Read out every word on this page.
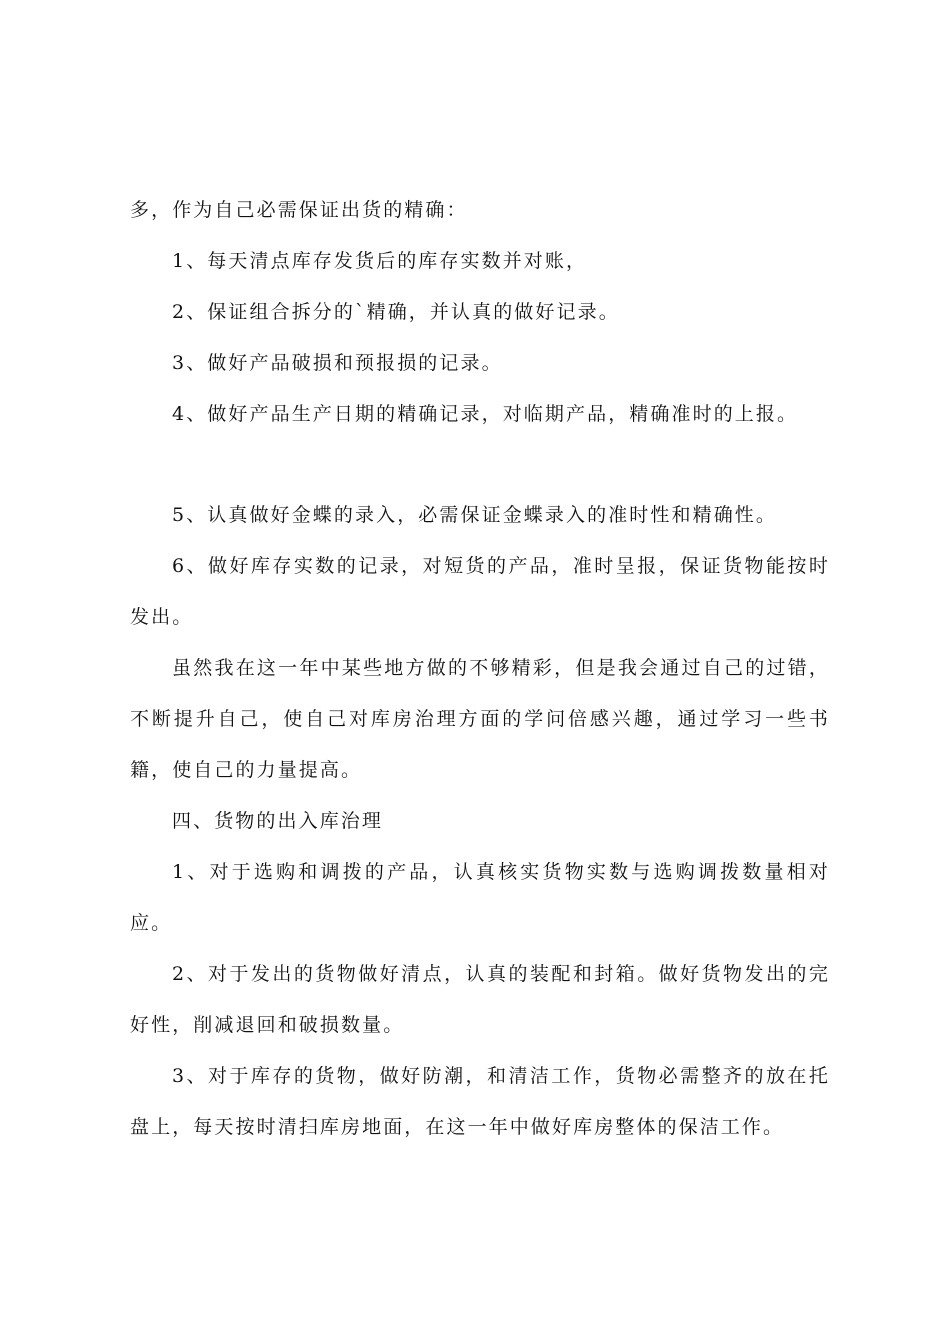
多，作为自己必需保证出货的精确：

1、每天清点库存发货后的库存实数并对账，

2、保证组合拆分的`精确，并认真的做好记录。

3、做好产品破损和预报损的记录。

4、做好产品生产日期的精确记录，对临期产品，精确准时的上报。

5、认真做好金蝶的录入，必需保证金蝶录入的准时性和精确性。

6、做好库存实数的记录，对短货的产品，准时呈报，保证货物能按时发出。

虽然我在这一年中某些地方做的不够精彩，但是我会通过自己的过错，不断提升自己，使自己对库房治理方面的学问倍感兴趣，通过学习一些书籍，使自己的力量提高。

四、货物的出入库治理

1、对于选购和调拨的产品，认真核实货物实数与选购调拨数量相对应。

2、对于发出的货物做好清点，认真的装配和封箱。做好货物发出的完好性，削减退回和破损数量。

3、对于库存的货物，做好防潮，和清洁工作，货物必需整齐的放在托盘上，每天按时清扫库房地面，在这一年中做好库房整体的保洁工作。
